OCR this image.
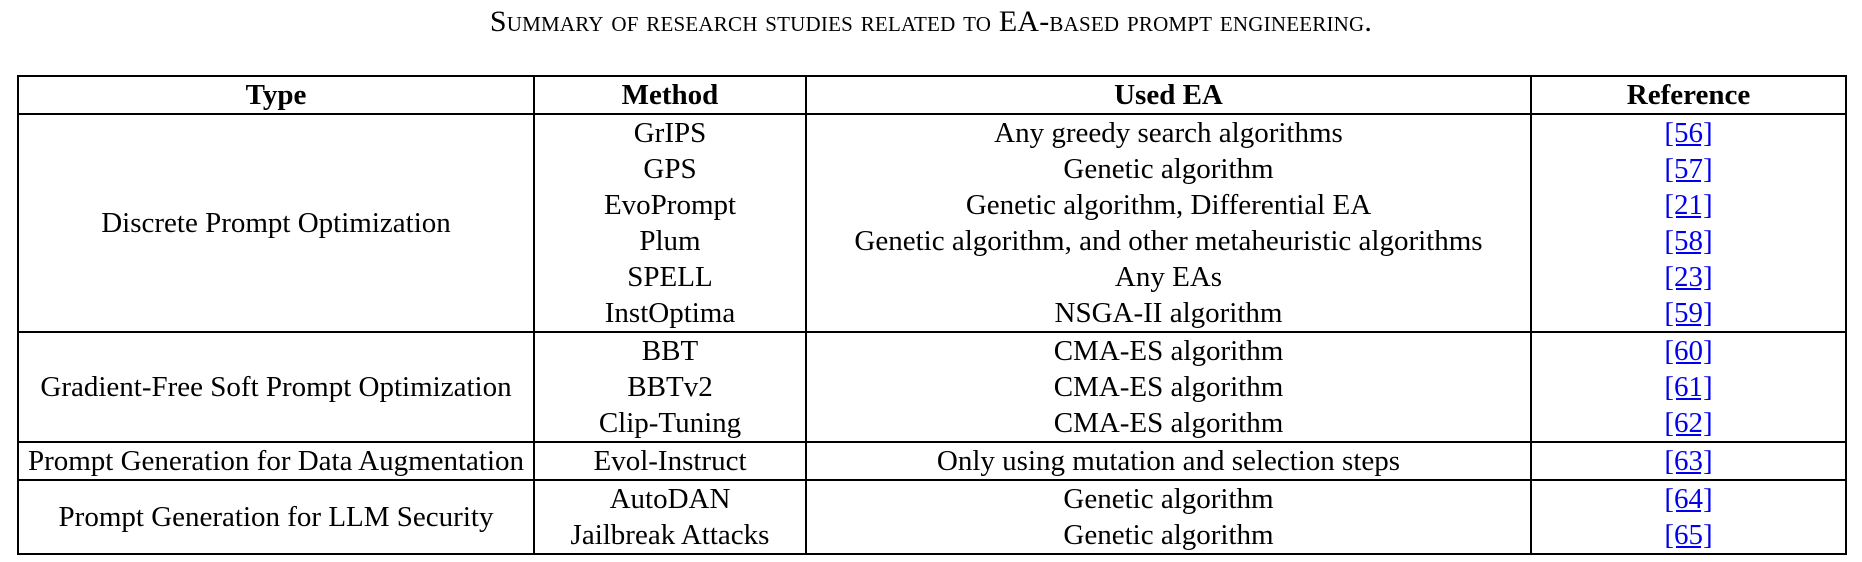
Summary of research studies related to EA-based prompt engineering.
Type	Method	Used EA	Reference
Discrete Prompt Optimization	GrIPS	Any greedy search algorithms	[56]
	GPS	Genetic algorithm	[57]
	EvoPrompt	Genetic algorithm, Differential EA	[21]
	Plum	Genetic algorithm, and other metaheuristic algorithms	[58]
	SPELL	Any EAs	[23]
	InstOptima	NSGA-II algorithm	[59]
Gradient-Free Soft Prompt Optimization	BBT	CMA-ES algorithm	[60]
	BBTv2	CMA-ES algorithm	[61]
	Clip-Tuning	CMA-ES algorithm	[62]
Prompt Generation for Data Augmentation	Evol-Instruct	Only using mutation and selection steps	[63]
Prompt Generation for LLM Security	AutoDAN	Genetic algorithm	[64]
	Jailbreak Attacks	Genetic algorithm	[65]
